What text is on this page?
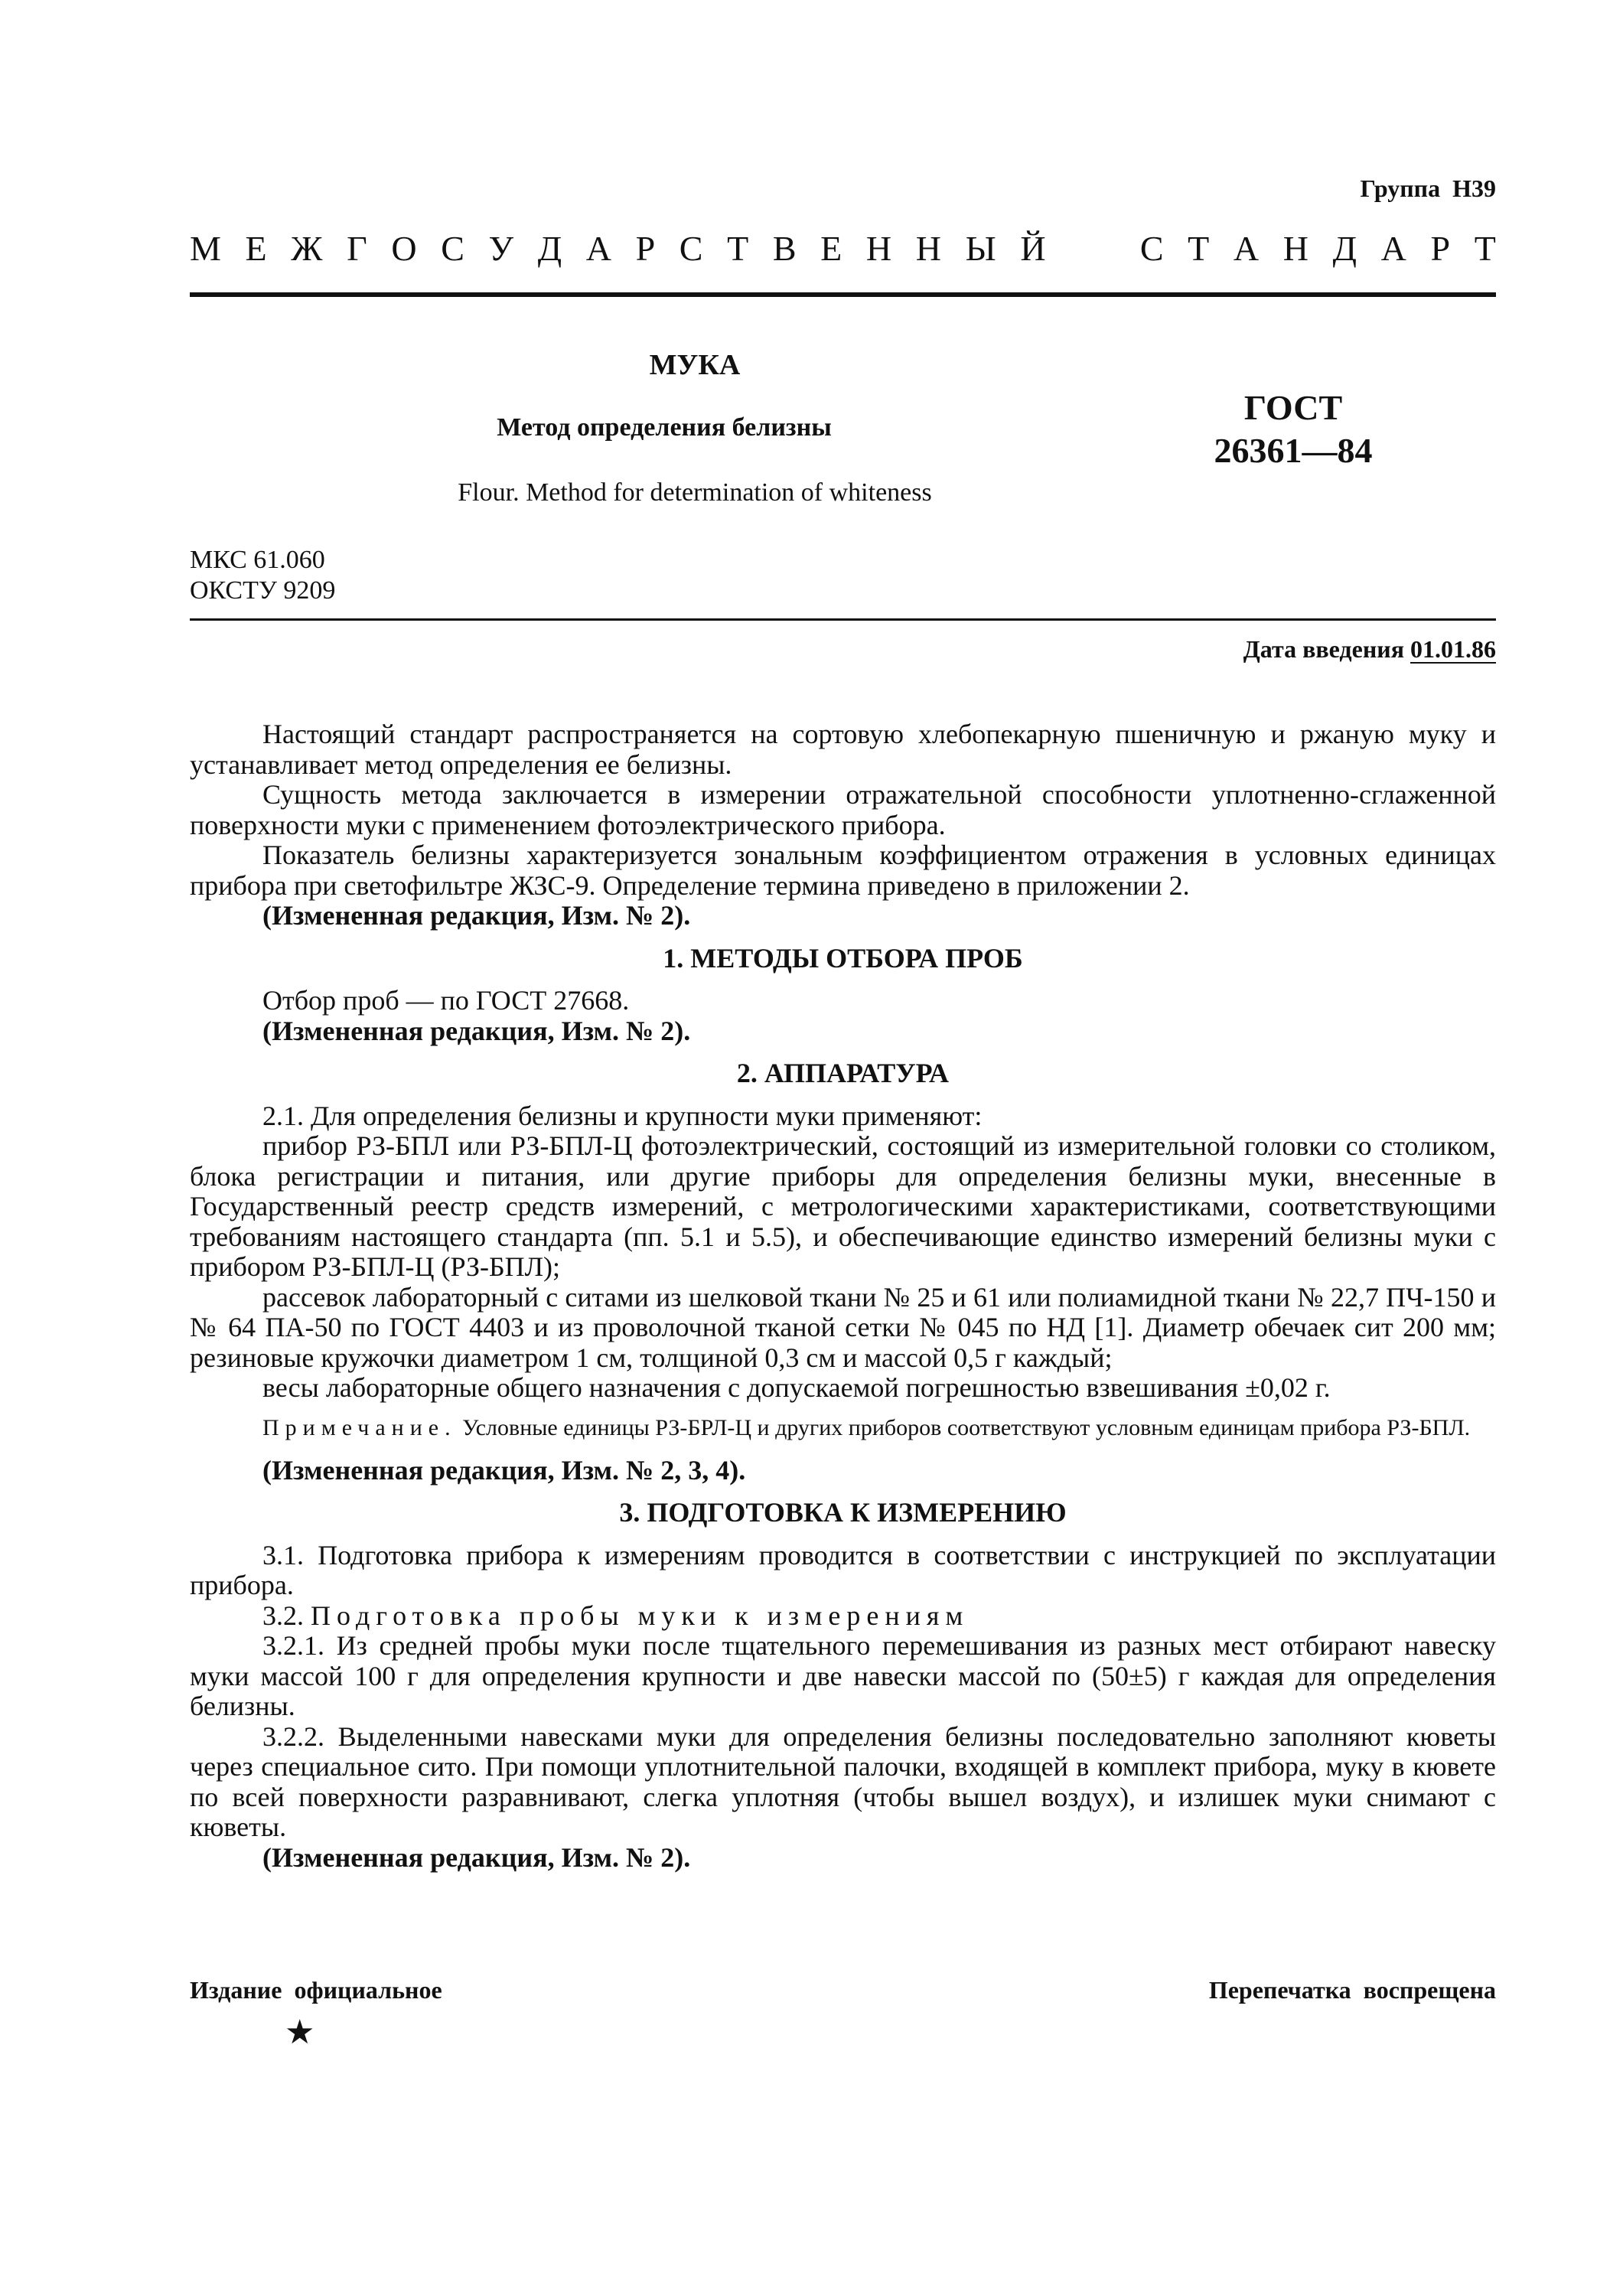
Группа Н39
М Е Ж Г О С У Д А Р С Т В Е Н Н Ы Й	С Т А Н Д А Р Т
МУКА
Метод определения белизны
Flour. Method for determination of whiteness
ГОСТ
26361—84
МКС 61.060
ОКСТУ 9209
Дата введения 01.01.86

Настоящий стандарт распространяется на сортовую хлебопекарную пшеничную и ржаную муку и устанавливает метод определения ее белизны.

Сущность метода заключается в измерении отражательной способности уплотненно-сглаженной поверхности муки с применением фотоэлектрического прибора.

Показатель белизны характеризуется зональным коэффициентом отражения в условных единицах прибора при светофильтре ЖЗС-9. Определение термина приведено в приложении 2.

(Измененная редакция, Изм. № 2).

1. МЕТОДЫ ОТБОРА ПРОБ

Отбор проб — по ГОСТ 27668.

(Измененная редакция, Изм. № 2).

2. АППАРАТУРА

2.1. Для определения белизны и крупности муки применяют:

прибор РЗ-БПЛ или РЗ-БПЛ-Ц фотоэлектрический, состоящий из измерительной головки со столиком, блока регистрации и питания, или другие приборы для определения белизны муки, внесенные в Государственный реестр средств измерений, с метрологическими характеристиками, соответствующими требованиям настоящего стандарта (пп. 5.1 и 5.5), и обеспечивающие единство измерений белизны муки с прибором РЗ-БПЛ-Ц (РЗ-БПЛ);

рассевок лабораторный с ситами из шелковой ткани № 25 и 61 или полиамидной ткани № 22,7 ПЧ-150 и № 64 ПА-50 по ГОСТ 4403 и из проволочной тканой сетки № 045 по НД [1]. Диаметр обечаек сит 200 мм; резиновые кружочки диаметром 1 см, толщиной 0,3 см и массой 0,5 г каждый;

весы лабораторные общего назначения с допускаемой погрешностью взвешивания ±0,02 г.

Примечание. Условные единицы РЗ-БРЛ-Ц и других приборов соответствуют условным единицам прибора РЗ-БПЛ.

(Измененная редакция, Изм. № 2, 3, 4).

3. ПОДГОТОВКА К ИЗМЕРЕНИЮ

3.1. Подготовка прибора к измерениям проводится в соответствии с инструкцией по эксплуатации прибора.

3.2. Подготовка пробы муки к измерениям

3.2.1. Из средней пробы муки после тщательного перемешивания из разных мест отбирают навеску муки массой 100 г для определения крупности и две навески массой по (50±5) г каждая для определения белизны.

3.2.2. Выделенными навесками муки для определения белизны последовательно заполняют кюветы через специальное сито. При помощи уплотнительной палочки, входящей в комплект прибора, муку в кювете по всей поверхности разравнивают, слегка уплотняя (чтобы вышел воздух), и излишек муки снимают с кюветы.

(Измененная редакция, Изм. № 2).

Издание официальное	Перепечатка воспрещена
★
